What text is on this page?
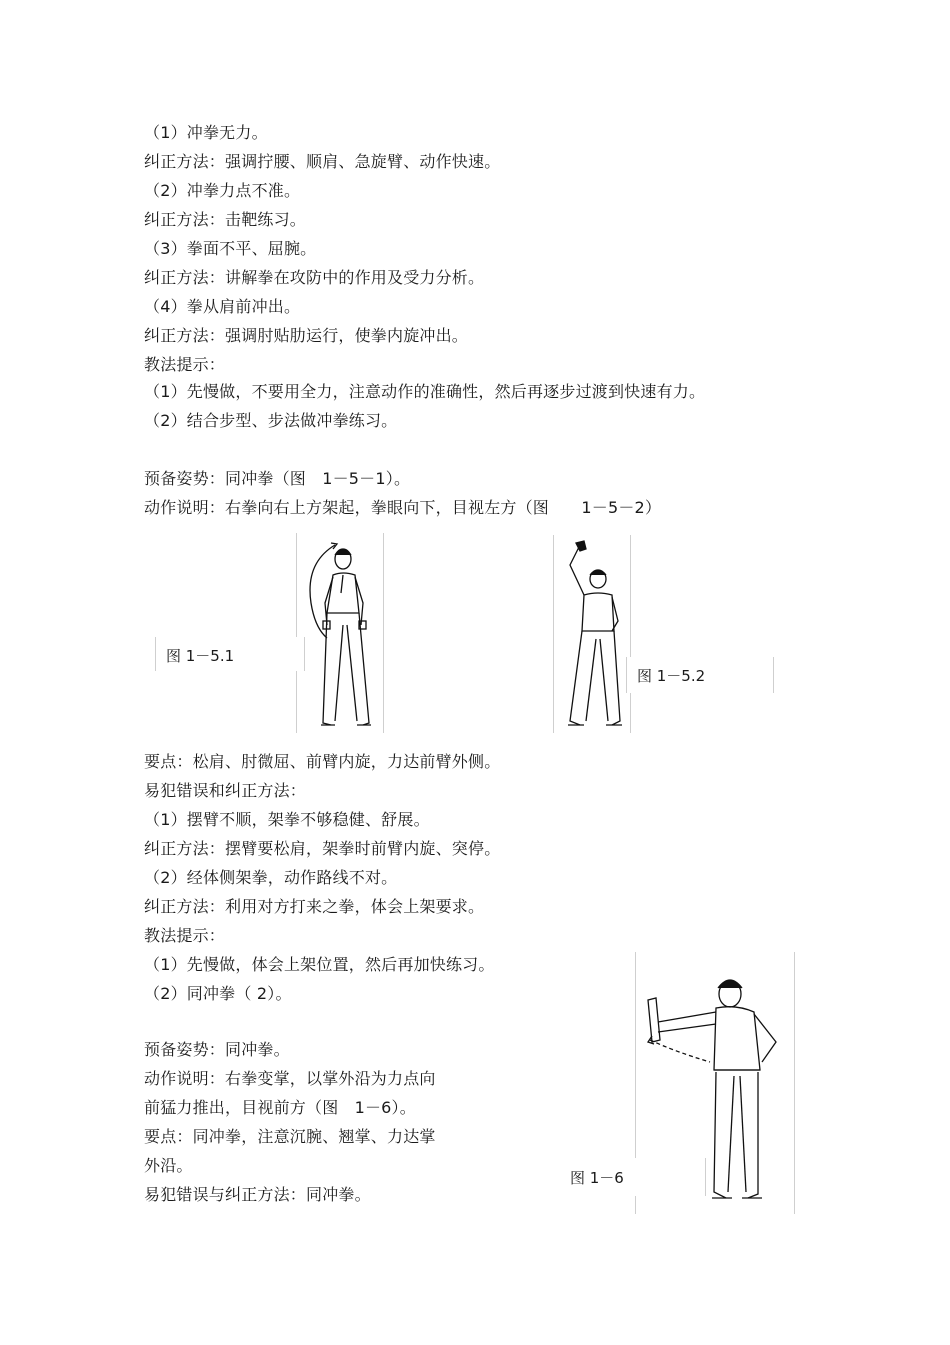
（1）冲拳无力。
纠正方法：强调拧腰、顺肩、急旋臂、动作快速。
（2）冲拳力点不准。
纠正方法：击靶练习。
（3）拳面不平、屈腕。
纠正方法：讲解拳在攻防中的作用及受力分析。
（4）拳从肩前冲出。
纠正方法：强调肘贴肋运行，使拳内旋冲出。
教法提示：
（1）先慢做，不要用全力，注意动作的准确性，然后再逐步过渡到快速有力。
（2）结合步型、步法做冲拳练习。
预备姿势：同冲拳（图　1－5－1）。
动作说明：右拳向右上方架起，拳眼向下，目视左方（图　　1－5－2）
要点：松肩、肘微屈、前臂内旋，力达前臂外侧。
易犯错误和纠正方法：
（1）摆臂不顺，架拳不够稳健、舒展。
纠正方法：摆臂要松肩，架拳时前臂内旋、突停。
（2）经体侧架拳，动作路线不对。
纠正方法：利用对方打来之拳，体会上架要求。
教法提示：
（1）先慢做，体会上架位置，然后再加快练习。
（2）同冲拳（ 2）。
预备姿势：同冲拳。
动作说明：右拳变掌，以掌外沿为力点向
前猛力推出，目视前方（图　1－6）。
要点：同冲拳，注意沉腕、翘掌、力达掌
外沿。
易犯错误与纠正方法：同冲拳。
图 1－5.1
图 1－5.2
图 1－6
